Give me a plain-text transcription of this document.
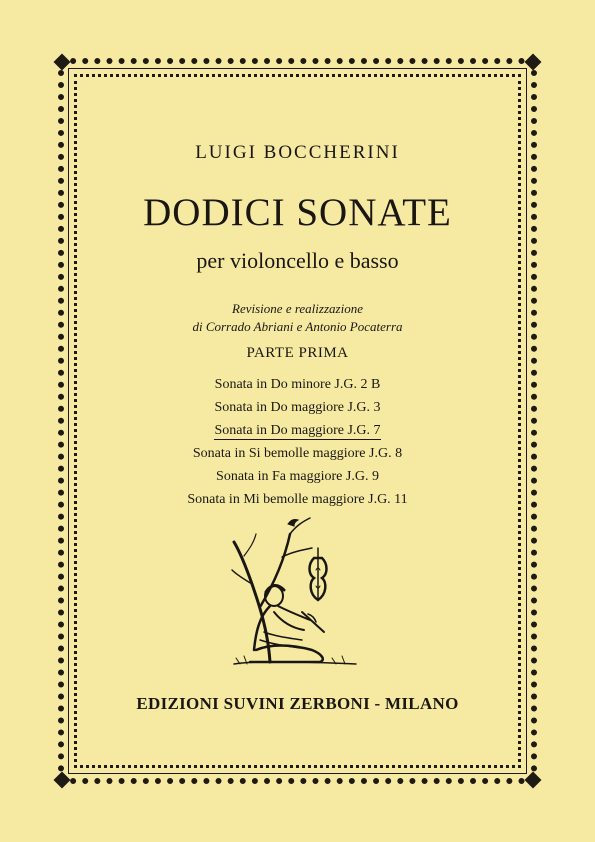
LUIGI BOCCHERINI
DODICI SONATE
per violoncello e basso
Revisione e realizzazione
di Corrado Abriani e Antonio Pocaterra
PARTE PRIMA
Sonata in Do minore J.G. 2 B
Sonata in Do maggiore J.G. 3
Sonata in Do maggiore J.G. 7
Sonata in Si bemolle maggiore J.G. 8
Sonata in Fa maggiore J.G. 9
Sonata in Mi bemolle maggiore J.G. 11
EDIZIONI SUVINI ZERBONI - MILANO
